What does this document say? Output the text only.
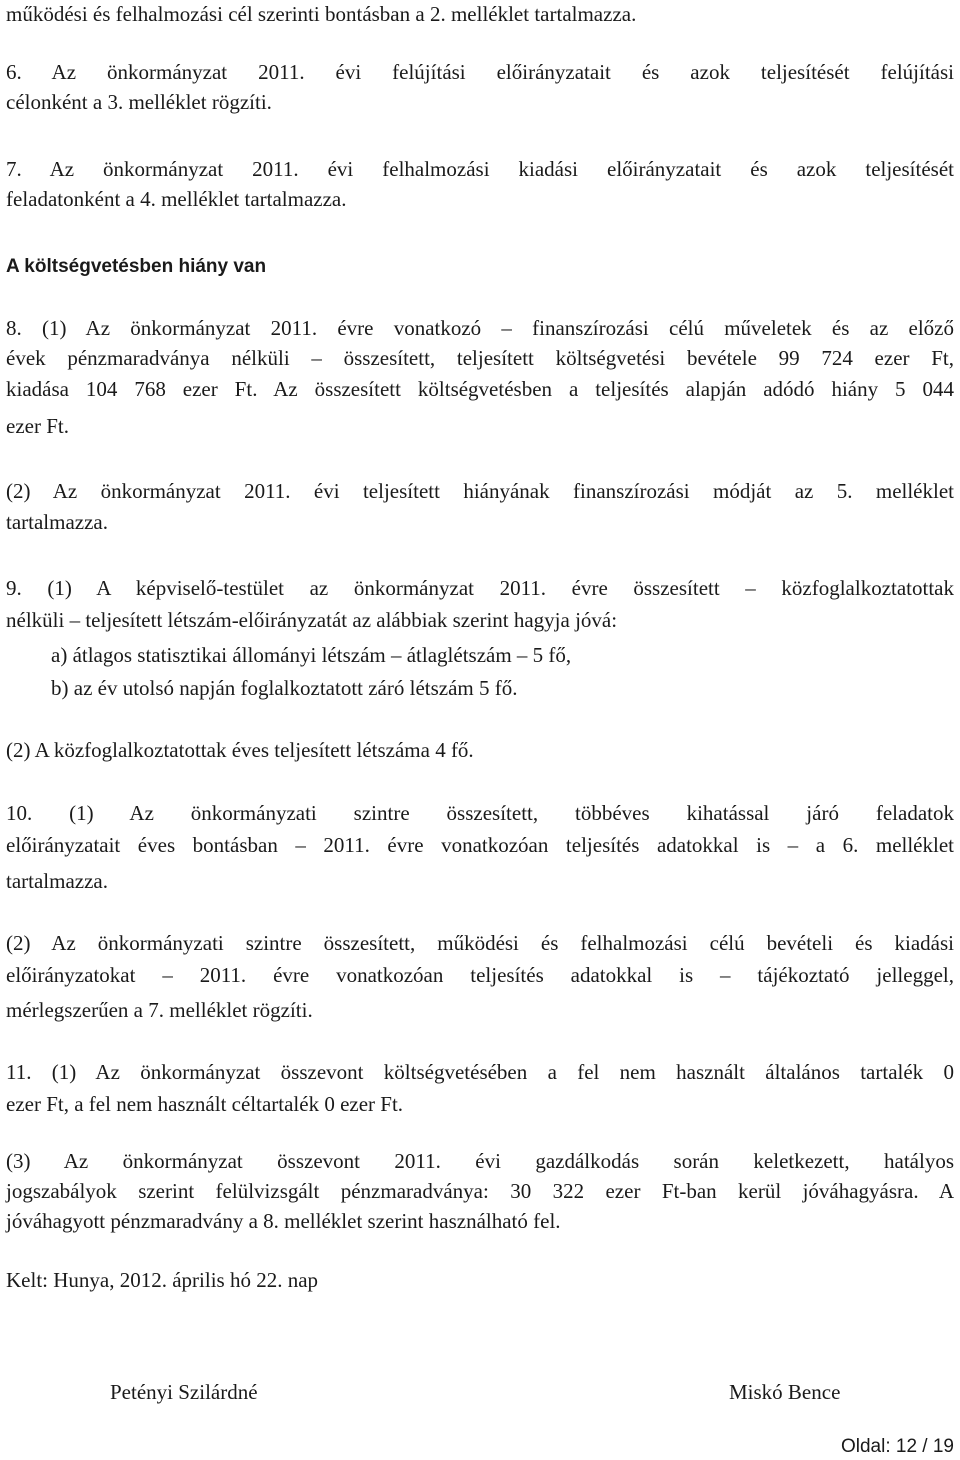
működési és felhalmozási cél szerinti bontásban a 2. melléklet tartalmazza.

6. Az önkormányzat 2011. évi felújítási előirányzatait és azok teljesítését felújítási

célonként a 3. melléklet rögzíti.

7. Az önkormányzat 2011. évi felhalmozási kiadási előirányzatait és azok teljesítését

feladatonként a 4. melléklet tartalmazza.

A költségvetésben hiány van

8. (1) Az önkormányzat 2011. évre vonatkozó – finanszírozási célú műveletek és az előző

évek pénzmaradványa nélküli – összesített, teljesített költségvetési bevétele 99 724 ezer Ft,

kiadása 104 768 ezer Ft. Az összesített költségvetésben a teljesítés alapján adódó hiány 5 044

ezer Ft.

(2) Az önkormányzat 2011. évi teljesített hiányának finanszírozási módját az 5. melléklet

tartalmazza.

9. (1) A képviselő-testület az önkormányzat 2011. évre összesített – közfoglalkoztatottak

nélküli – teljesített létszám-előirányzatát az alábbiak szerint hagyja jóvá:

a) átlagos statisztikai állományi létszám – átlaglétszám – 5 fő,

b) az év utolsó napján foglalkoztatott záró létszám 5 fő.

(2) A közfoglalkoztatottak éves teljesített létszáma 4 fő.

10. (1) Az önkormányzati szintre összesített, többéves kihatással járó feladatok

előirányzatait éves bontásban – 2011. évre vonatkozóan teljesítés adatokkal is – a 6. melléklet

tartalmazza.

(2) Az önkormányzati szintre összesített, működési és felhalmozási célú bevételi és kiadási

előirányzatokat – 2011. évre vonatkozóan teljesítés adatokkal is – tájékoztató jelleggel,

mérlegszerűen a 7. melléklet rögzíti.

11. (1) Az önkormányzat összevont költségvetésében a fel nem használt általános tartalék 0

ezer Ft, a fel nem használt céltartalék 0 ezer Ft.

(3) Az önkormányzat összevont 2011. évi gazdálkodás során keletkezett, hatályos

jogszabályok szerint felülvizsgált pénzmaradványa: 30 322 ezer Ft-ban kerül jóváhagyásra. A

jóváhagyott pénzmaradvány a 8. melléklet szerint használható fel.

Kelt: Hunya, 2012. április hó 22. nap

Petényi Szilárdné	Miskó Bence
Oldal: 12 / 19
